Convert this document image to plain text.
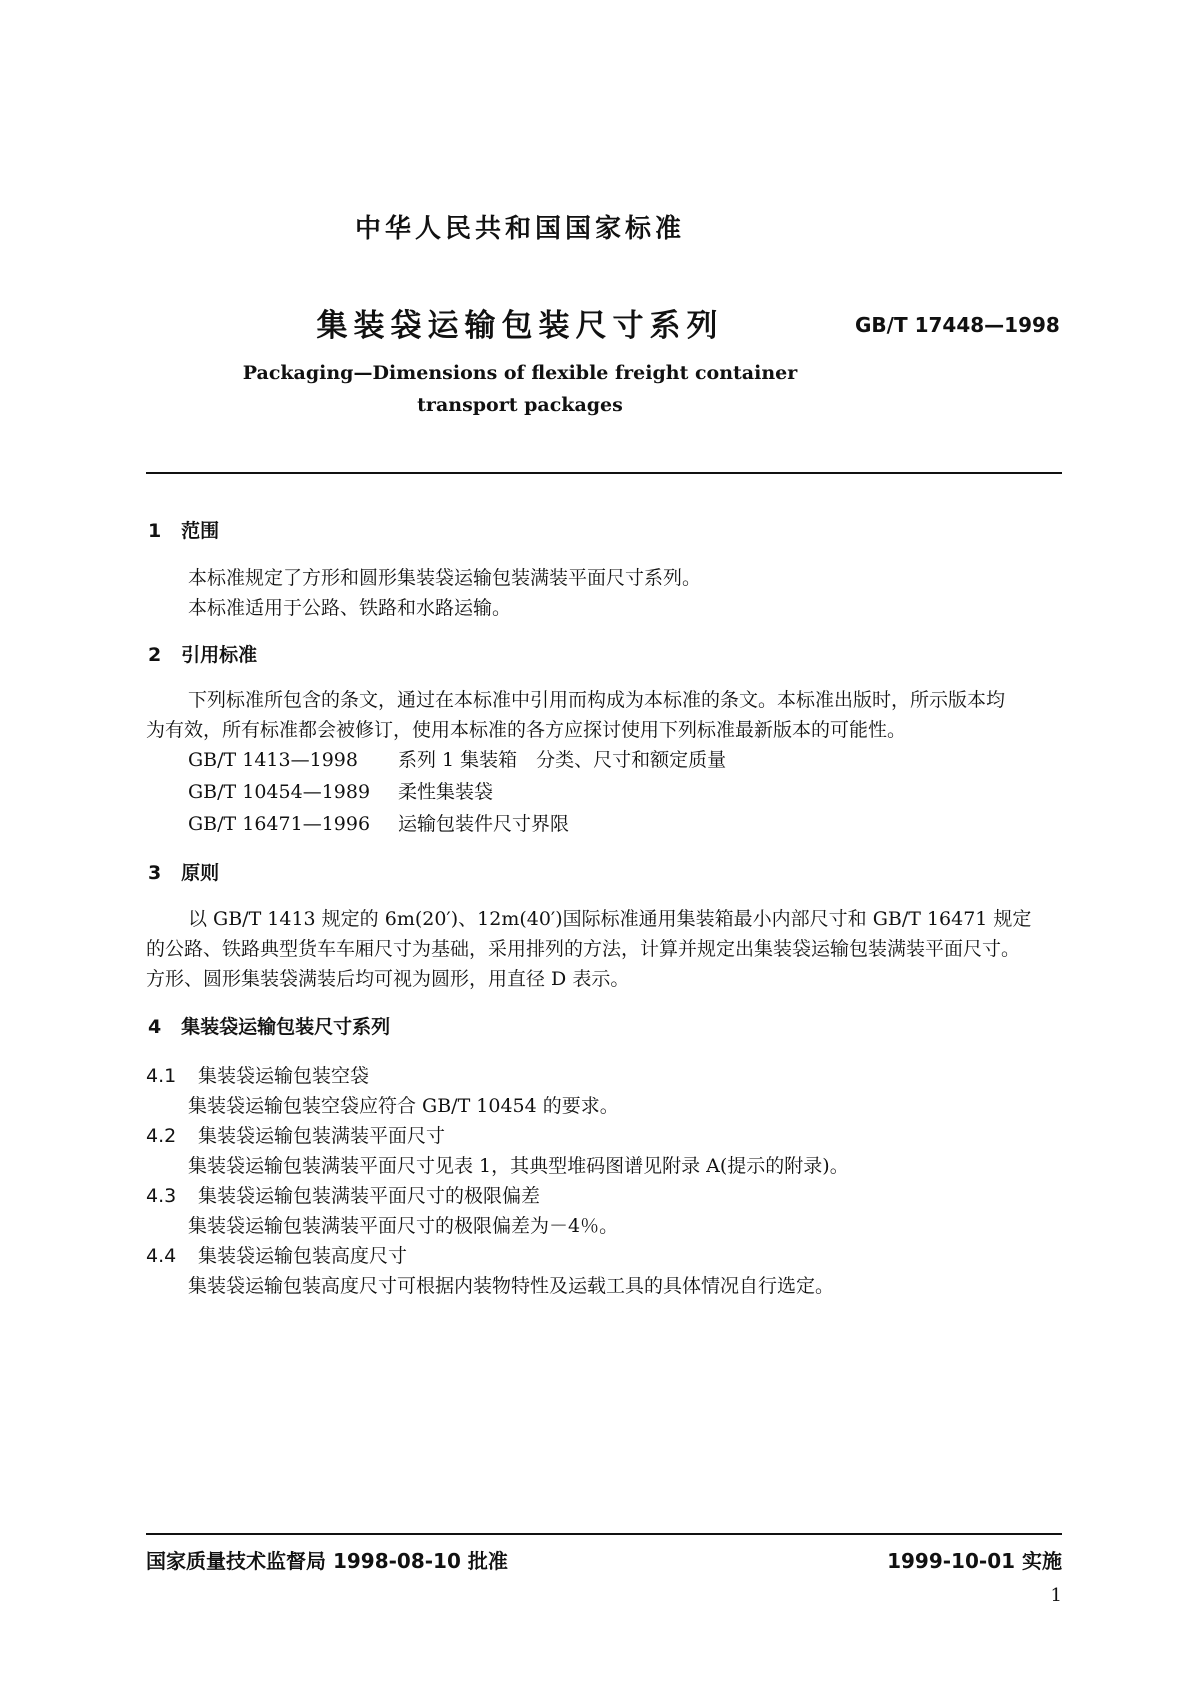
中华人民共和国国家标准
集装袋运输包装尺寸系列	GB/T 17448—1998
Packaging—Dimensions of flexible freight container
transport packages
1 范围
本标准规定了方形和圆形集装袋运输包装满装平面尺寸系列。
本标准适用于公路、铁路和水路运输。
2 引用标准
下列标准所包含的条文，通过在本标准中引用而构成为本标准的条文。本标准出版时，所示版本均
为有效，所有标准都会被修订，使用本标准的各方应探讨使用下列标准最新版本的可能性。
GB/T 1413—1998 系列 1 集装箱　分类、尺寸和额定质量
GB/T 10454—1989 柔性集装袋
GB/T 16471—1996 运输包装件尺寸界限
3 原则
以 GB/T 1413 规定的 6m(20′)、12m(40′)国际标准通用集装箱最小内部尺寸和 GB/T 16471 规定
的公路、铁路典型货车车厢尺寸为基础，采用排列的方法，计算并规定出集装袋运输包装满装平面尺寸。
方形、圆形集装袋满装后均可视为圆形，用直径 D 表示。
4 集装袋运输包装尺寸系列
4.1 集装袋运输包装空袋
集装袋运输包装空袋应符合 GB/T 10454 的要求。
4.2 集装袋运输包装满装平面尺寸
集装袋运输包装满装平面尺寸见表 1，其典型堆码图谱见附录 A(提示的附录)。
4.3 集装袋运输包装满装平面尺寸的极限偏差
集装袋运输包装满装平面尺寸的极限偏差为－4％。
4.4 集装袋运输包装高度尺寸
集装袋运输包装高度尺寸可根据内装物特性及运载工具的具体情况自行选定。
国家质量技术监督局 1998-08-10 批准	1999-10-01 实施
1
